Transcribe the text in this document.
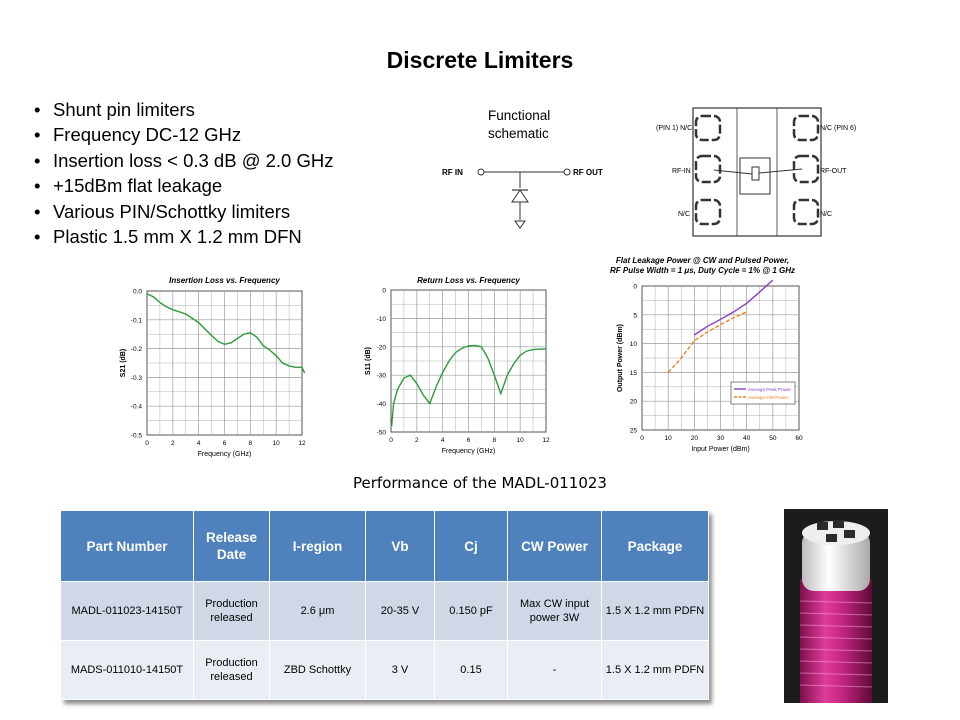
Discrete Limiters
• Shunt pin limiters
• Frequency DC-12 GHz
• Insertion loss < 0.3 dB @ 2.0 GHz
• +15dBm flat leakage
• Various PIN/Schottky limiters
• Plastic 1.5 mm X 1.2 mm DFN
Functional
schematic
RF IN	RF OUT
(PIN 1) N/C	N/C (PIN 6)
RF-IN	RF-OUT
N/C	N/C
Insertion Loss vs. Frequency
0	2	4	6	8	10	12
0.0
-0.1
-0.2
-0.3
-0.4
-0.5
Frequency (GHz)
S21 (dB)
Return Loss vs. Frequency
0	2	4	6	8	10	12
0
-10
-20
-30
-40
-50
Frequency (GHz)
S11 (dB)
Flat Leakage Power @ CW and Pulsed Power,
RF Pulse Width = 1 μs, Duty Cycle = 1% @ 1 GHz
0	10	20	30	40	50	60
0
5
10
15
20
25
Input Power (dBm)
Output Power (dBm)	Average Peak Power
Average CW Power
Performance of the MADL-011023
Part Number	Release Date	I-region	Vb	Cj	CW Power	Package
MADL-011023-14150T	Production released	2.6 μm	20-35 V	0.150 pF	Max CW input power 3W	1.5 X 1.2 mm PDFN
MADS-011010-14150T	Production released	ZBD Schottky	3 V	0.15	-	1.5 X 1.2 mm PDFN
